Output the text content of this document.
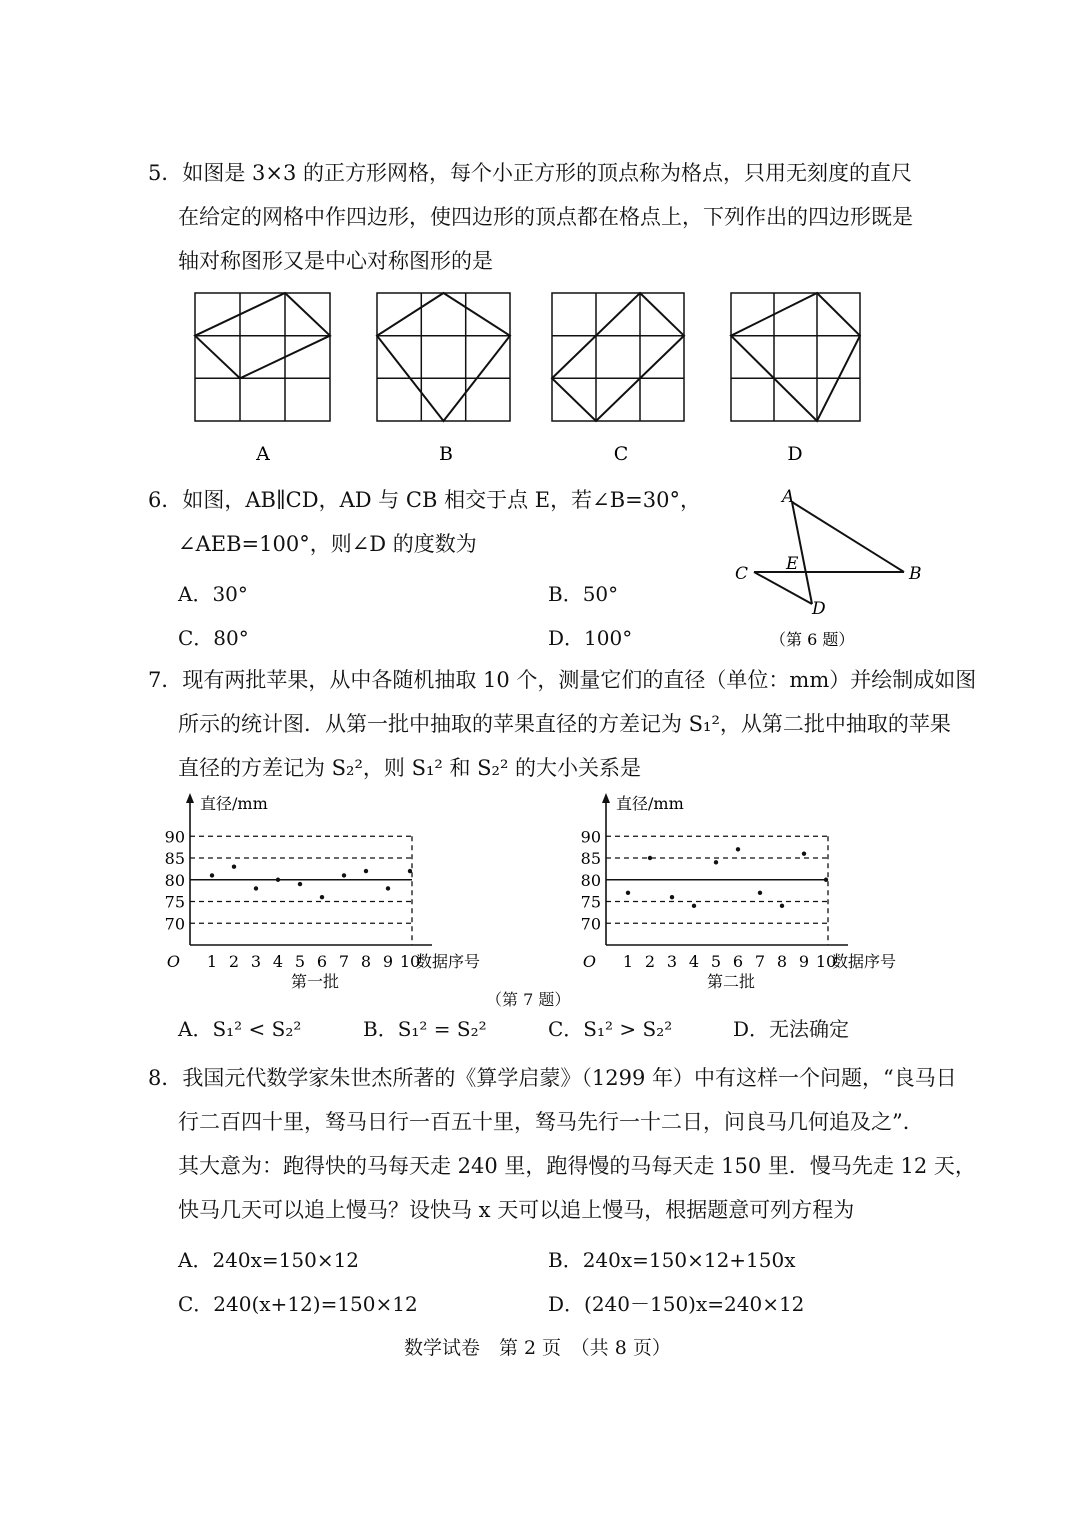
5．如图是 3×3 的正方形网格，每个小正方形的顶点称为格点，只用无刻度的直尺
在给定的网格中作四边形，使四边形的顶点都在格点上，下列作出的四边形既是
轴对称图形又是中心对称图形的是
A	B	C	D
6．如图，AB∥CD，AD 与 CB 相交于点 E，若∠B=30°，
∠AEB=100°，则∠D 的度数为
A．30°	B．50°
C．80°	D．100°
A
E
C	B
D
（第 6 题）
7．现有两批苹果，从中各随机抽取 10 个，测量它们的直径（单位：mm）并绘制成如图
所示的统计图．从第一批中抽取的苹果直径的方差记为 S₁²，从第二批中抽取的苹果
直径的方差记为 S₂²，则 S₁² 和 S₂² 的大小关系是
直径/mm
70
75
80
85
90
1 2 3 4 5 6 7 8 9 10
O	数据序号
第一批
直径/mm
70
75
80
85
90
1 2 3 4 5 6 7 8 9 10
O	数据序号
第二批
（第 7 题）
A．S₁² < S₂²	B．S₁² = S₂²	C．S₁² > S₂²	D．无法确定
8．我国元代数学家朱世杰所著的《算学启蒙》（1299 年）中有这样一个问题，“良马日
行二百四十里，驽马日行一百五十里，驽马先行一十二日，问良马几何追及之”．
其大意为：跑得快的马每天走 240 里，跑得慢的马每天走 150 里．慢马先走 12 天，
快马几天可以追上慢马？设快马 x 天可以追上慢马，根据题意可列方程为
A．240x=150×12	B．240x=150×12+150x
C．240(x+12)=150×12	D．(240－150)x=240×12
数学试卷　第 2 页　（共 8 页）
